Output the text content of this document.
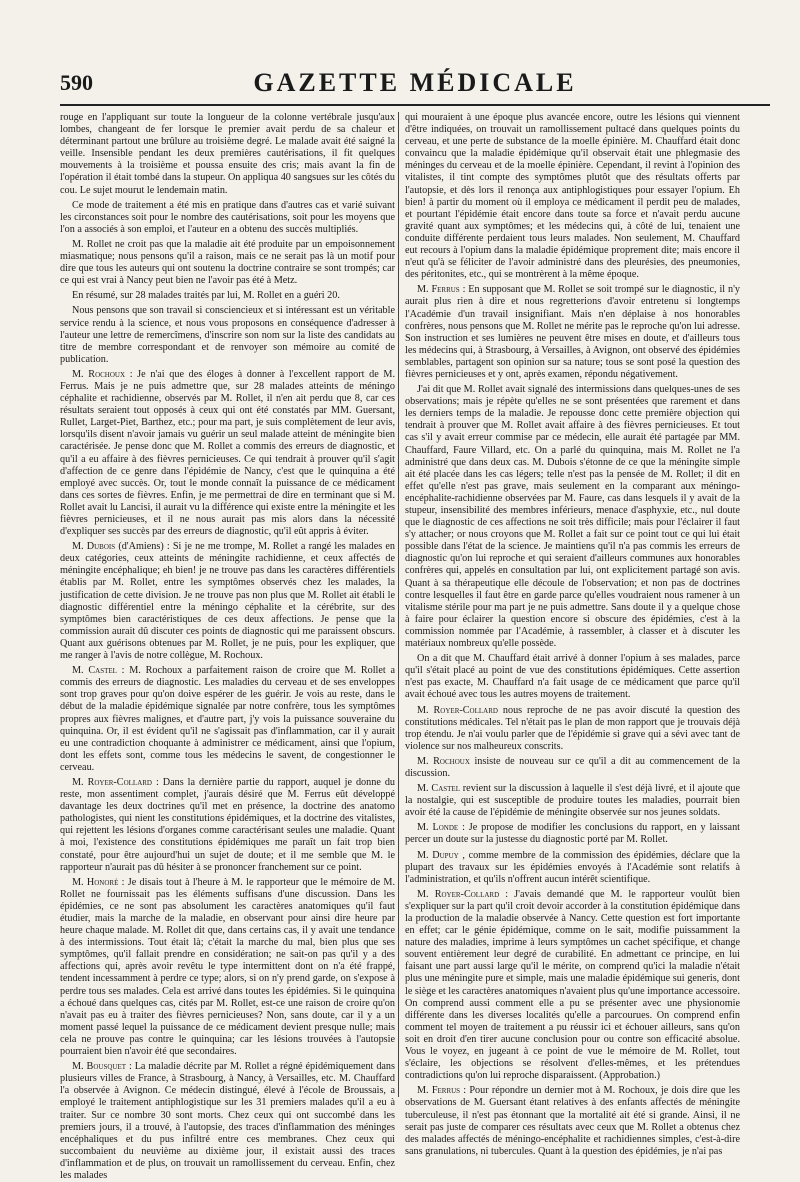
590	GAZETTE MÉDICALE

rouge en l'appliquant sur toute la longueur de la colonne vertébrale jusqu'aux lombes, changeant de fer lorsque le premier avait perdu de sa chaleur et déterminant partout une brûlure au troisième degré. Le malade avait été saigné la veille. Insensible pendant les deux premières cautérisations, il fit quelques mouvements à la troisième et poussa ensuite des cris; mais avant la fin de l'opération il était tombé dans la stupeur. On appliqua 40 sangsues sur les côtés du cou. Le sujet mourut le lendemain matin.

Ce mode de traitement a été mis en pratique dans d'autres cas et varié suivant les circonstances soit pour le nombre des cautérisations, soit pour les moyens que l'on a associés à son emploi, et l'auteur en a obtenu des succès multipliés.

M. Rollet ne croit pas que la maladie ait été produite par un empoisonnement miasmatique; nous pensons qu'il a raison, mais ce ne serait pas là un motif pour dire que tous les auteurs qui ont soutenu la doctrine contraire se sont trompés; car ce qui est vrai à Nancy peut bien ne l'avoir pas été à Metz.

En résumé, sur 28 malades traités par lui, M. Rollet en a guéri 20.

Nous pensons que son travail si consciencieux et si intéressant est un véritable service rendu à la science, et nous vous proposons en conséquence d'adresser à l'auteur une lettre de remercîmens, d'inscrire son nom sur la liste des candidats au titre de membre correspondant et de renvoyer son mémoire au comité de publication.

M. Rochoux : Je n'ai que des éloges à donner à l'excellent rapport de M. Ferrus. Mais je ne puis admettre que, sur 28 malades atteints de méningo céphalite et rachidienne, observés par M. Rollet, il n'en ait perdu que 8, car ces résultats seraient tout opposés à ceux qui ont été constatés par MM. Guersant, Rullet, Larget-Piet, Barthez, etc.; pour ma part, je suis complètement de leur avis, lorsqu'ils disent n'avoir jamais vu guérir un seul malade atteint de méningite bien caractérisée. Je pense donc que M. Rollet a commis des erreurs de diagnostic, et qu'il a eu affaire à des fièvres pernicieuses. Ce qui tendrait à prouver qu'il s'agit d'affection de ce genre dans l'épidémie de Nancy, c'est que le quinquina a été employé avec succès. Or, tout le monde connaît la puissance de ce médicament dans ces sortes de fièvres. Enfin, je me permettrai de dire en terminant que si M. Rollet avait lu Lancisi, il aurait vu la différence qui existe entre la méningite et les fièvres pernicieuses, et il ne nous aurait pas mis alors dans la nécessité d'expliquer ses succès par des erreurs de diagnostic, qu'il eût appris à éviter.

M. Dubois (d'Amiens) : Si je ne me trompe, M. Rollet a rangé les malades en deux catégories, ceux atteints de méningite rachidienne, et ceux affectés de méningite encéphalique; eh bien! je ne trouve pas dans les caractères différentiels établis par M. Rollet, entre les symptômes observés chez les malades, la justification de cette division. Je ne trouve pas non plus que M. Rollet ait établi le diagnostic différentiel entre la méningo céphalite et la cérébrite, sur des symptômes bien caractéristiques de ces deux affections. Je pense que la commission aurait dû discuter ces points de diagnostic qui me paraissent obscurs. Quant aux guérisons obtenues par M. Rollet, je ne puis, pour les expliquer, que me ranger à l'avis de notre collègue, M. Rochoux.

M. Castel : M. Rochoux a parfaitement raison de croire que M. Rollet a commis des erreurs de diagnostic. Les maladies du cerveau et de ses enveloppes sont trop graves pour qu'on doive espérer de les guérir. Je vois au reste, dans le début de la maladie épidémique signalée par notre confrère, tous les symptômes propres aux fièvres malignes, et d'autre part, j'y vois la puissance souveraine du quinquina. Or, il est évident qu'il ne s'agissait pas d'inflammation, car il y aurait eu une contradiction choquante à administrer ce médicament, ainsi que l'opium, dont les effets sont, comme tous les médecins le savent, de congestionner le cerveau.

M. Royer-Collard : Dans la dernière partie du rapport, auquel je donne du reste, mon assentiment complet, j'aurais désiré que M. Ferrus eût développé davantage les deux doctrines qu'il met en présence, la doctrine des anatomo pathologistes, qui nient les constitutions épidémiques, et la doctrine des vitalistes, qui rejettent les lésions d'organes comme caractérisant seules une maladie. Quant à moi, l'existence des constitutions épidémiques me paraît un fait trop bien constaté, pour être aujourd'hui un sujet de doute; et il me semble que M. le rapporteur n'aurait pas dû hésiter à se prononcer franchement sur ce point.

M. Honoré : Je disais tout à l'heure à M. le rapporteur que le mémoire de M. Rollet ne fournissait pas les éléments suffisans d'une discussion. Dans les épidémies, ce ne sont pas absolument les caractères anatomiques qu'il faut étudier, mais la marche de la maladie, en observant pour ainsi dire heure par heure chaque malade. M. Rollet dit que, dans certains cas, il y avait une tendance à des intermissions. Tout était là; c'était la marche du mal, bien plus que ses symptômes, qu'il fallait prendre en considération; ne sait-on pas qu'il y a des affections qui, après avoir revêtu le type intermittent dont on n'a été frappé, tendent incessamment à perdre ce type; alors, si on n'y prend garde, on s'expose à perdre tous ses malades. Cela est arrivé dans toutes les épidémies. Si le quinquina a échoué dans quelques cas, cités par M. Rollet, est-ce une raison de croire qu'on n'avait pas eu à traiter des fièvres pernicieuses? Non, sans doute, car il y a un moment passé lequel la puissance de ce médicament devient presque nulle; mais cela ne prouve pas contre le quinquina; car les lésions trouvées à l'autopsie pourraient bien n'avoir été que secondaires.

M. Bousquet : La maladie décrite par M. Rollet a régné épidémiquement dans plusieurs villes de France, à Strasbourg, à Nancy, à Versailles, etc. M. Chauffard l'a observée à Avignon. Ce médecin distingué, élevé à l'école de Broussais, a employé le traitement antiphlogistique sur les 31 premiers malades qu'il a eu à traiter. Sur ce nombre 30 sont morts. Chez ceux qui ont succombé dans les premiers jours, il a trouvé, à l'autopsie, des traces d'inflammation des méninges encéphaliques et du pus infiltré entre ces membranes. Chez ceux qui succombaient du neuvième au dixième jour, il existait aussi des traces d'inflammation et de plus, on trouvait un ramollissement du cerveau. Enfin, chez les malades

qui mouraient à une époque plus avancée encore, outre les lésions qui viennent d'être indiquées, on trouvait un ramollissement pultacé dans quelques points du cerveau, et une perte de substance de la moelle épinière. M. Chauffard était donc convaincu que la maladie épidémique qu'il observait était une phlegmasie des méninges du cerveau et de la moelle épinière. Cependant, il revint à l'opinion des vitalistes, il tint compte des symptômes plutôt que des résultats offerts par l'autopsie, et dès lors il renonça aux antiphlogistiques pour essayer l'opium. Eh bien! à partir du moment où il employa ce médicament il perdit peu de malades, et pourtant l'épidémie était encore dans toute sa force et n'avait perdu aucune gravité quant aux symptômes; et les médecins qui, à côté de lui, tenaient une conduite différente perdaient tous leurs malades. Non seulement, M. Chauffard eut recours à l'opium dans la maladie épidémique proprement dite; mais encore il n'eut qu'à se féliciter de l'avoir administré dans des pleurésies, des pneumonies, des péritonites, etc., qui se montrèrent à la même époque.

M. Ferrus : En supposant que M. Rollet se soit trompé sur le diagnostic, il n'y aurait plus rien à dire et nous regretterions d'avoir entretenu si longtemps l'Académie d'un travail insignifiant. Mais n'en déplaise à nos honorables confrères, nous pensons que M. Rollet ne mérite pas le reproche qu'on lui adresse. Son instruction et ses lumières ne peuvent être mises en doute, et d'ailleurs tous les médecins qui, à Strasbourg, à Versailles, à Avignon, ont observé des épidémies semblables, partagent son opinion sur sa nature; tous se sont posé la question des fièvres pernicieuses et y ont, après examen, répondu négativement.

J'ai dit que M. Rollet avait signalé des intermissions dans quelques-unes de ses observations; mais je répète qu'elles ne se sont présentées que rarement et dans les derniers temps de la maladie. Je repousse donc cette première objection qui tendrait à prouver que M. Rollet avait affaire à des fièvres pernicieuses. Et tout cas s'il y avait erreur commise par ce médecin, elle aurait été partagée par MM. Chauffard, Faure Villard, etc. On a parlé du quinquina, mais M. Rollet ne l'a administré que dans deux cas. M. Dubois s'étonne de ce que la méningite simple ait été placée dans les cas légers; telle n'est pas la pensée de M. Rollet; il dit en effet qu'elle n'est pas grave, mais seulement en la comparant aux méningo-encéphalite-rachidienne observées par M. Faure, cas dans lesquels il y avait de la stupeur, insensibilité des membres inférieurs, menace d'asphyxie, etc., nul doute que le diagnostic de ces affections ne soit très difficile; mais pour l'éclairer il faut s'y attacher; or nous croyons que M. Rollet a fait sur ce point tout ce qui lui était possible dans l'état de la science. Je maintiens qu'il n'a pas commis les erreurs de diagnostic qu'on lui reproche et qui seraient d'ailleurs communes aux honorables confrères qui, appelés en consultation par lui, ont explicitement partagé son avis. Quant à sa thérapeutique elle découle de l'observation; et non pas de doctrines contre lesquelles il faut être en garde parce qu'elles voudraient nous ramener à un vitalisme stérile pour ma part je ne puis admettre. Sans doute il y a quelque chose à faire pour éclairer la question encore si obscure des épidémies, c'est à la commission nommée par l'Académie, à rassembler, à classer et à discuter les matériaux nombreux qu'elle possède.

On a dit que M. Chauffard était arrivé à donner l'opium à ses malades, parce qu'il s'était placé au point de vue des constitutions épidémiques. Cette assertion n'est pas exacte, M. Chauffard n'a fait usage de ce médicament que parce qu'il avait échoué avec tous les autres moyens de traitement.

M. Royer-Collard nous reproche de ne pas avoir discuté la question des constitutions médicales. Tel n'était pas le plan de mon rapport que je trouvais déjà trop étendu. Je n'ai voulu parler que de l'épidémie si grave qui a sévi avec tant de violence sur nos malheureux conscrits.

M. Rochoux insiste de nouveau sur ce qu'il a dit au commencement de la discussion.

M. Castel revient sur la discussion à laquelle il s'est déjà livré, et il ajoute que la nostalgie, qui est susceptible de produire toutes les maladies, pourrait bien avoir été la cause de l'épidémie de méningite observée sur nos jeunes soldats.

M. Londe : Je propose de modifier les conclusions du rapport, en y laissant percer un doute sur la justesse du diagnostic porté par M. Rollet.

M. Dupuy , comme membre de la commission des épidémies, déclare que la plupart des travaux sur les épidémies envoyés à l'Académie sont relatifs à l'administration, et qu'ils n'offrent aucun intérêt scientifique.

M. Royer-Collard : J'avais demandé que M. le rapporteur voulût bien s'expliquer sur la part qu'il croit devoir accorder à la constitution épidémique dans la production de la maladie observée à Nancy. Cette question est fort importante en effet; car le génie épidémique, comme on le sait, modifie puissamment la nature des maladies, imprime à leurs symptômes un cachet spécifique, et change souvent entièrement leur degré de curabilité. En admettant ce principe, en lui faisant une part aussi large qu'il le mérite, on comprend qu'ici la maladie n'était plus une méningite pure et simple, mais une maladie épidémique sui generis, dont le siège et les caractères anatomiques n'avaient plus qu'une importance accessoire. On comprend aussi comment elle a pu se présenter avec une physionomie différente dans les diverses localités qu'elle a parcourues. On comprend enfin comment tel moyen de traitement a pu réussir ici et échouer ailleurs, sans qu'on soit en droit d'en tirer aucune conclusion pour ou contre son efficacité absolue. Vous le voyez, en jugeant à ce point de vue le mémoire de M. Rollet, tout s'éclaire, les objections se résolvent d'elles-mêmes, et les prétendues contradictions qu'on lui reproche disparaissent. (Approbation.)

M. Ferrus : Pour répondre un dernier mot à M. Rochoux, je dois dire que les observations de M. Guersant étant relatives à des enfants affectés de méningite tuberculeuse, il n'est pas étonnant que la mortalité ait été si grande. Ainsi, il ne serait pas juste de comparer ces résultats avec ceux que M. Rollet a obtenus chez des malades affectés de méningo-encéphalite et rachidiennes simples, c'est-à-dire sans granulations, ni tubercules. Quant à la question des épidémies, je n'ai pas
